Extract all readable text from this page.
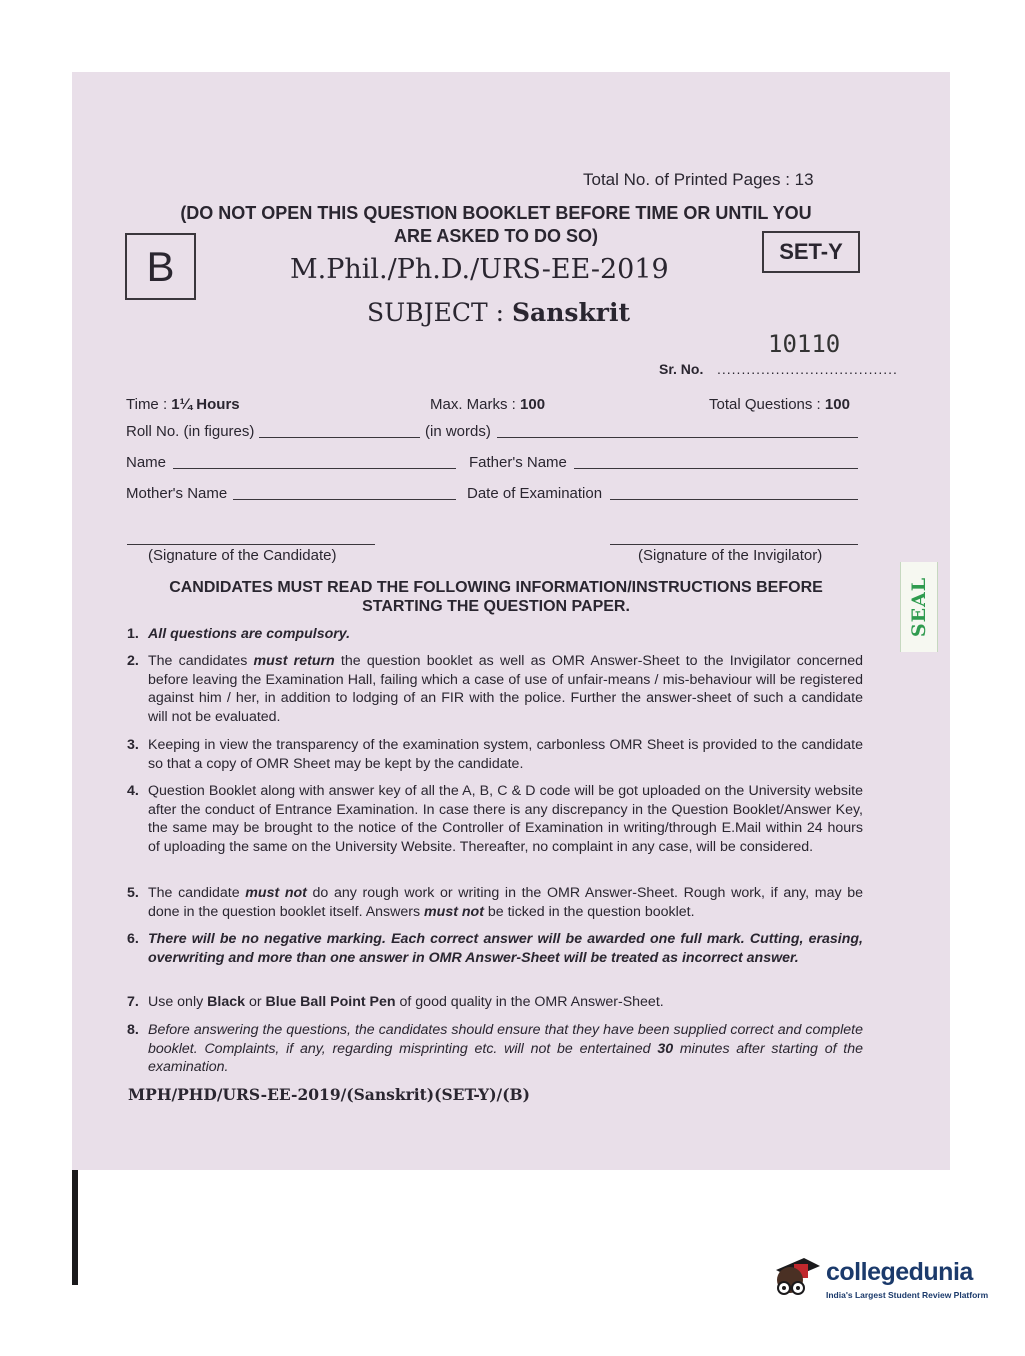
Total No. of Printed Pages : 13
(DO NOT OPEN THIS QUESTION BOOKLET BEFORE TIME OR UNTIL YOU
ARE ASKED TO DO SO)
B	SET-Y
M.Phil./Ph.D./URS-EE-2019
SUBJECT : Sanskrit
10110
Sr. No. .....................................
Time : 1¼ Hours	Max. Marks : 100	Total Questions : 100
Roll No. (in figures)	(in words)
Name	Father's Name
Mother's Name	Date of Examination
(Signature of the Candidate)	(Signature of the Invigilator)
SEAL
CANDIDATES MUST READ THE FOLLOWING INFORMATION/INSTRUCTIONS BEFORE
STARTING THE QUESTION PAPER.
1. All questions are compulsory.
2. The candidates must return the question booklet as well as OMR Answer-Sheet to the Invigilator concerned before leaving the Examination Hall, failing which a case of use of unfair-means / mis-behaviour will be registered against him / her, in addition to lodging of an FIR with the police. Further the answer-sheet of such a candidate will not be evaluated.
3. Keeping in view the transparency of the examination system, carbonless OMR Sheet is provided to the candidate so that a copy of OMR Sheet may be kept by the candidate.
4. Question Booklet along with answer key of all the A, B, C & D code will be got uploaded on the University website after the conduct of Entrance Examination. In case there is any discrepancy in the Question Booklet/Answer Key, the same may be brought to the notice of the Controller of Examination in writing/through E.Mail within 24 hours of uploading the same on the University Website. Thereafter, no complaint in any case, will be considered.
5. The candidate must not do any rough work or writing in the OMR Answer-Sheet. Rough work, if any, may be done in the question booklet itself. Answers must not be ticked in the question booklet.
6. There will be no negative marking. Each correct answer will be awarded one full mark. Cutting, erasing, overwriting and more than one answer in OMR Answer-Sheet will be treated as incorrect answer.
7. Use only Black or Blue Ball Point Pen of good quality in the OMR Answer-Sheet.
8. Before answering the questions, the candidates should ensure that they have been supplied correct and complete booklet. Complaints, if any, regarding misprinting etc. will not be entertained 30 minutes after starting of the examination.
MPH/PHD/URS-EE-2019/(Sanskrit)(SET-Y)/(B)
collegedunia
India's Largest Student Review Platform
